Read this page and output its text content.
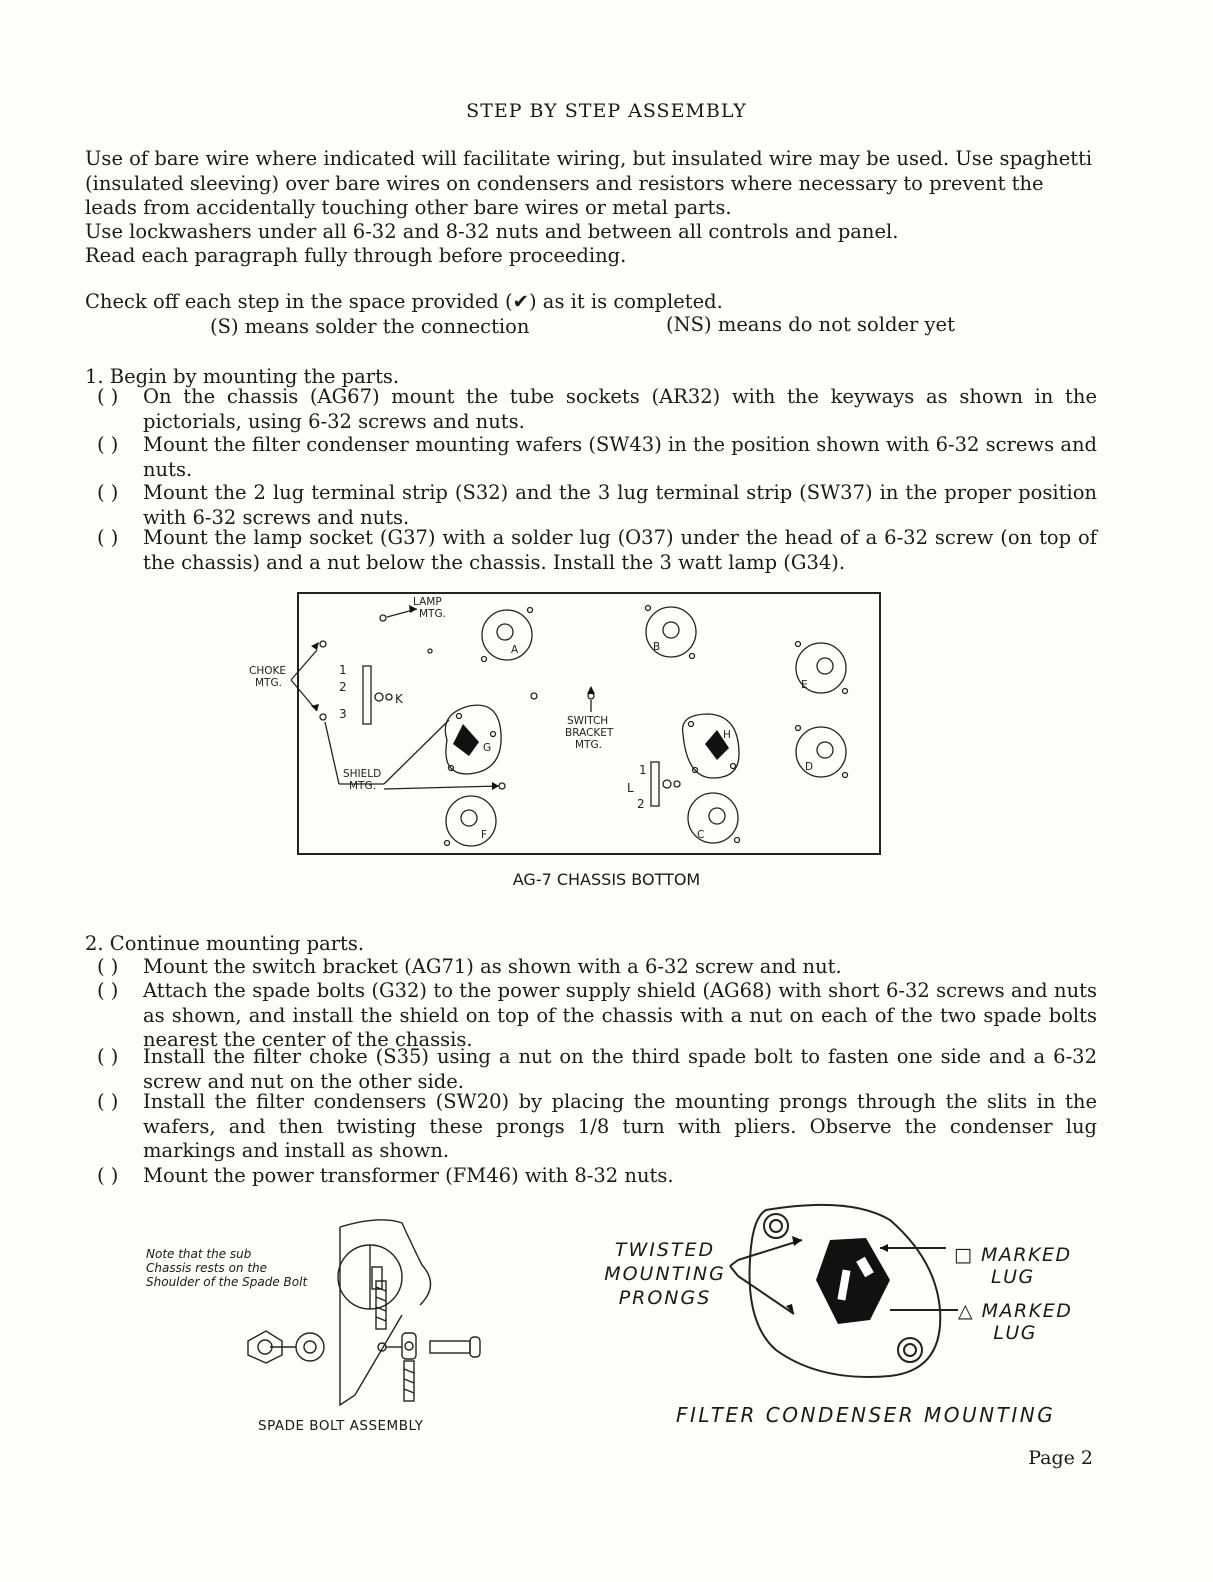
STEP BY STEP ASSEMBLY
Use of bare wire where indicated will facilitate wiring, but insulated wire may be used. Use spaghetti (insulated sleeving) over bare wires on condensers and resistors where necessary to prevent the leads from accidentally touching other bare wires or metal parts.
Use lockwashers under all 6-32 and 8-32 nuts and between all controls and panel.
Read each paragraph fully through before proceeding.
Check off each step in the space provided (✔) as it is completed.
(S) means solder the connection	(NS) means do not solder yet
1. Begin by mounting the parts.
( )	On the chassis (AG67) mount the tube sockets (AR32) with the keyways as shown in the pictorials, using 6-32 screws and nuts.
( )	Mount the filter condenser mounting wafers (SW43) in the position shown with 6-32 screws and nuts.
( )	Mount the 2 lug terminal strip (S32) and the 3 lug terminal strip (SW37) in the proper position with 6-32 screws and nuts.
( )	Mount the lamp socket (G37) with a solder lug (O37) under the head of a 6-32 screw (on top of the chassis) and a nut below the chassis. Install the 3 watt lamp (G34).
LAMP
MTG.
CHOKE
MTG.
SHIELD
MTG.
SWITCH
BRACKET
MTG.
K
L
1
2
3
1
2
A	B
C
D
E
F
G
H
AG-7 CHASSIS BOTTOM
2. Continue mounting parts.
( )	Mount the switch bracket (AG71) as shown with a 6-32 screw and nut.
( )	Attach the spade bolts (G32) to the power supply shield (AG68) with short 6-32 screws and nuts as shown, and install the shield on top of the chassis with a nut on each of the two spade bolts nearest the center of the chassis.
( )	Install the filter choke (S35) using a nut on the third spade bolt to fasten one side and a 6-32 screw and nut on the other side.
( )	Install the filter condensers (SW20) by placing the mounting prongs through the slits in the wafers, and then twisting these prongs 1/8 turn with pliers. Observe the condenser lug markings and install as shown.
( )	Mount the power transformer (FM46) with 8-32 nuts.
Note that the sub
Chassis rests on the
Shoulder of the Spade Bolt
SPADE BOLT ASSEMBLY
TWISTED
MOUNTING
PRONGS
□ MARKED
LUG
△ MARKED
LUG
FILTER CONDENSER MOUNTING
Page 2
